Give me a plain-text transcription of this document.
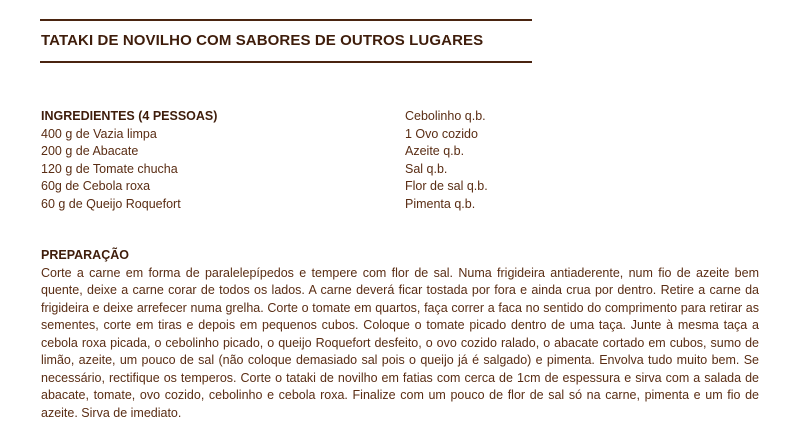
TATAKI DE NOVILHO COM SABORES DE OUTROS LUGARES
INGREDIENTES (4 PESSOAS)
400 g de Vazia limpa
200 g de Abacate
120 g de Tomate chucha
60g de Cebola roxa
60 g de Queijo Roquefort
Cebolinho q.b.
1 Ovo cozido
Azeite q.b.
Sal q.b.
Flor de sal q.b.
Pimenta q.b.
PREPARAÇÃO

Corte a carne em forma de paralelepípedos e tempere com flor de sal. Numa frigideira antiaderente, num fio de azeite bem quente, deixe a carne corar de todos os lados. A carne deverá ficar tostada por fora e ainda crua por dentro. Retire a carne da frigideira e deixe arrefecer numa grelha. Corte o tomate em quartos, faça correr a faca no sentido do comprimento para retirar as sementes, corte em tiras e depois em pequenos cubos. Coloque o tomate picado dentro de uma taça. Junte à mesma taça a cebola roxa picada, o cebolinho picado, o queijo Roquefort desfeito, o ovo cozido ralado, o abacate cortado em cubos, sumo de limão, azeite, um pouco de sal (não coloque demasiado sal pois o queijo já é salgado) e pimenta. Envolva tudo muito bem. Se necessário, rectifique os temperos. Corte o tataki de novilho em fatias com cerca de 1cm de espessura e sirva com a salada de abacate, tomate, ovo cozido, cebolinho e cebola roxa. Finalize com um pouco de flor de sal só na carne, pimenta e um fio de azeite. Sirva de imediato.
